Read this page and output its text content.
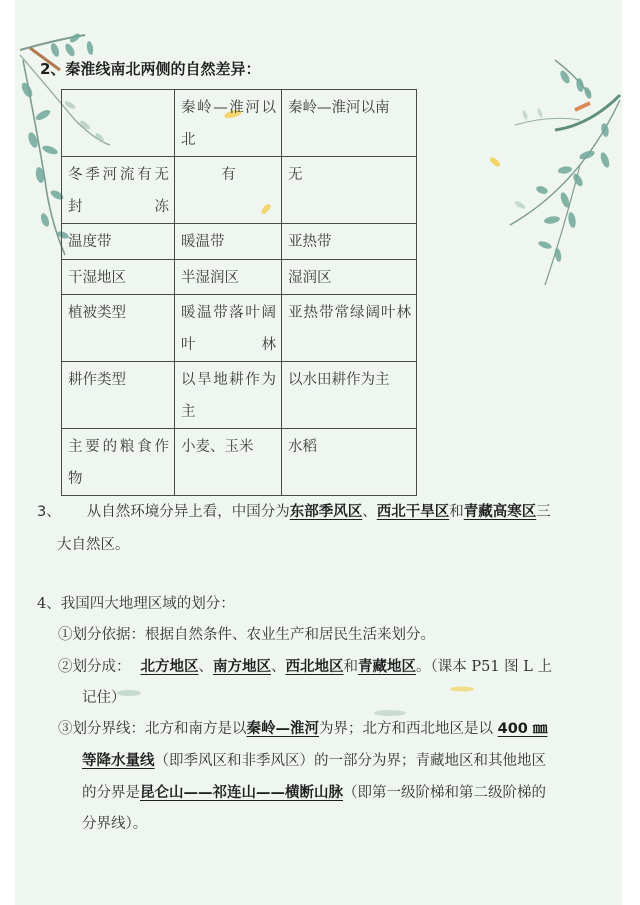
2、秦淮线南北两侧的自然差异：
	秦岭—淮河以北	秦岭—淮河以南
冬季河流有无封冻	有	无
温度带	暖温带	亚热带
干湿地区	半湿润区	湿润区
植被类型	暖温带落叶阔叶林	亚热带常绿阔叶林
耕作类型	以旱地耕作为主	以水田耕作为主
主要的粮食作物	小麦、玉米	水稻
3、 从自然环境分异上看，中国分为东部季风区、西北干旱区和青藏高寒区三
大自然区。
4、我国四大地理区域的划分：
①划分依据：根据自然条件、农业生产和居民生活来划分。
②划分成： 北方地区、南方地区、西北地区和青藏地区。（课本 P51 图 L 上
记住）
③划分界线：北方和南方是以秦岭—淮河为界；北方和西北地区是以 400 ㎜
等降水量线（即季风区和非季风区）的一部分为界；青藏地区和其他地区
的分界是昆仑山——祁连山——横断山脉（即第一级阶梯和第二级阶梯的
分界线）。
